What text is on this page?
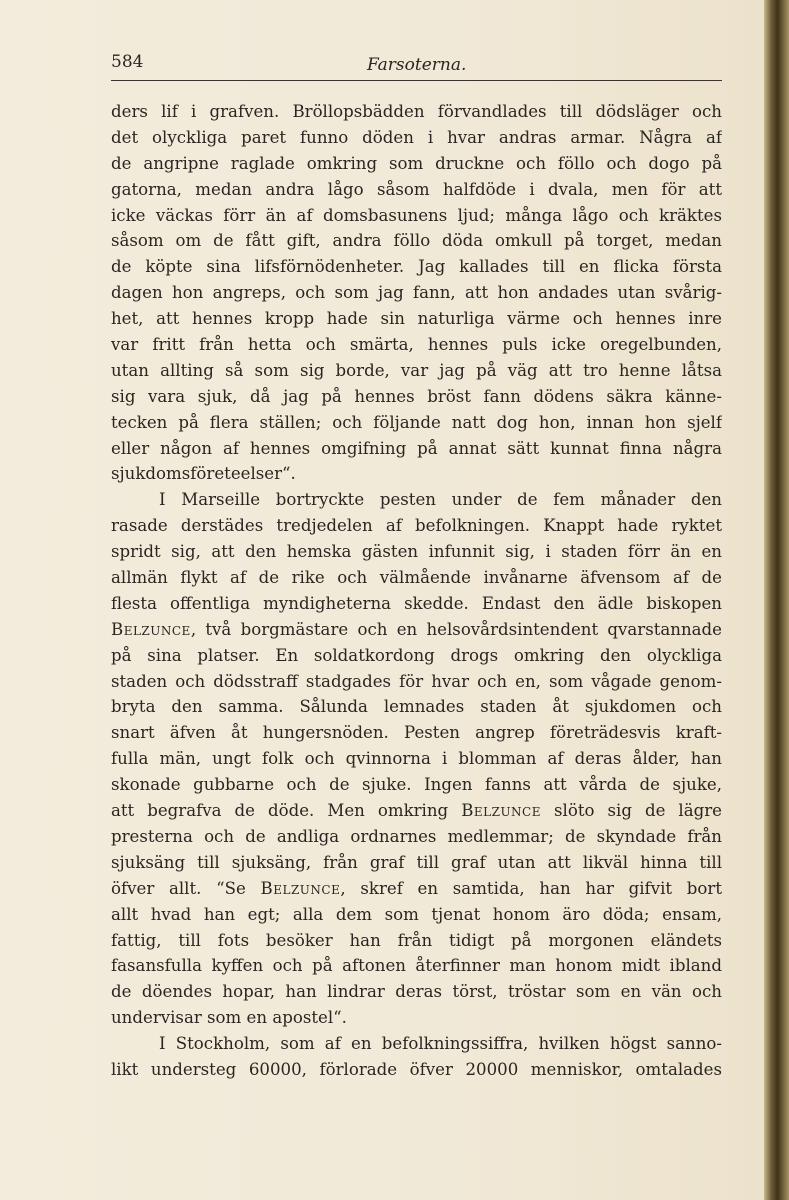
584	Farsoterna.
ders lif i grafven. Bröllopsbädden förvandlades till dödsläger och
det olyckliga paret funno döden i hvar andras armar. Några af
de angripne raglade omkring som druckne och föllo och dogo på
gatorna, medan andra lågo såsom halfdöde i dvala, men för att
icke väckas förr än af domsbasunens ljud; många lågo och kräktes
såsom om de fått gift, andra föllo döda omkull på torget, medan
de köpte sina lifsförnödenheter. Jag kallades till en flicka första
dagen hon angreps, och som jag fann, att hon andades utan svårig-
het, att hennes kropp hade sin naturliga värme och hennes inre
var fritt från hetta och smärta, hennes puls icke oregelbunden,
utan allting så som sig borde, var jag på väg att tro henne låtsa
sig vara sjuk, då jag på hennes bröst fann dödens säkra känne-
tecken på flera ställen; och följande natt dog hon, innan hon sjelf
eller någon af hennes omgifning på annat sätt kunnat finna några
sjukdomsföreteelser“.
I Marseille bortryckte pesten under de fem månader den
rasade derstädes tredjedelen af befolkningen. Knappt hade ryktet
spridt sig, att den hemska gästen infunnit sig, i staden förr än en
allmän flykt af de rike och välmående invånarne äfvensom af de
flesta offentliga myndigheterna skedde. Endast den ädle biskopen
Belzunce, två borgmästare och en helsovårdsintendent qvarstannade
på sina platser. En soldatkordong drogs omkring den olyckliga
staden och dödsstraff stadgades för hvar och en, som vågade genom-
bryta den samma. Sålunda lemnades staden åt sjukdomen och
snart äfven åt hungersnöden. Pesten angrep företrädesvis kraft-
fulla män, ungt folk och qvinnorna i blomman af deras ålder, han
skonade gubbarne och de sjuke. Ingen fanns att vårda de sjuke,
att begrafva de döde. Men omkring Belzunce slöto sig de lägre
presterna och de andliga ordnarnes medlemmar; de skyndade från
sjuksäng till sjuksäng, från graf till graf utan att likväl hinna till
öfver allt. “Se Belzunce, skref en samtida, han har gifvit bort
allt hvad han egt; alla dem som tjenat honom äro döda; ensam,
fattig, till fots besöker han från tidigt på morgonen eländets
fasansfulla kyffen och på aftonen återfinner man honom midt ibland
de döendes hopar, han lindrar deras törst, tröstar som en vän och
undervisar som en apostel“.
I Stockholm, som af en befolkningssiffra, hvilken högst sanno-
likt understeg 60000, förlorade öfver 20000 menniskor, omtalades
